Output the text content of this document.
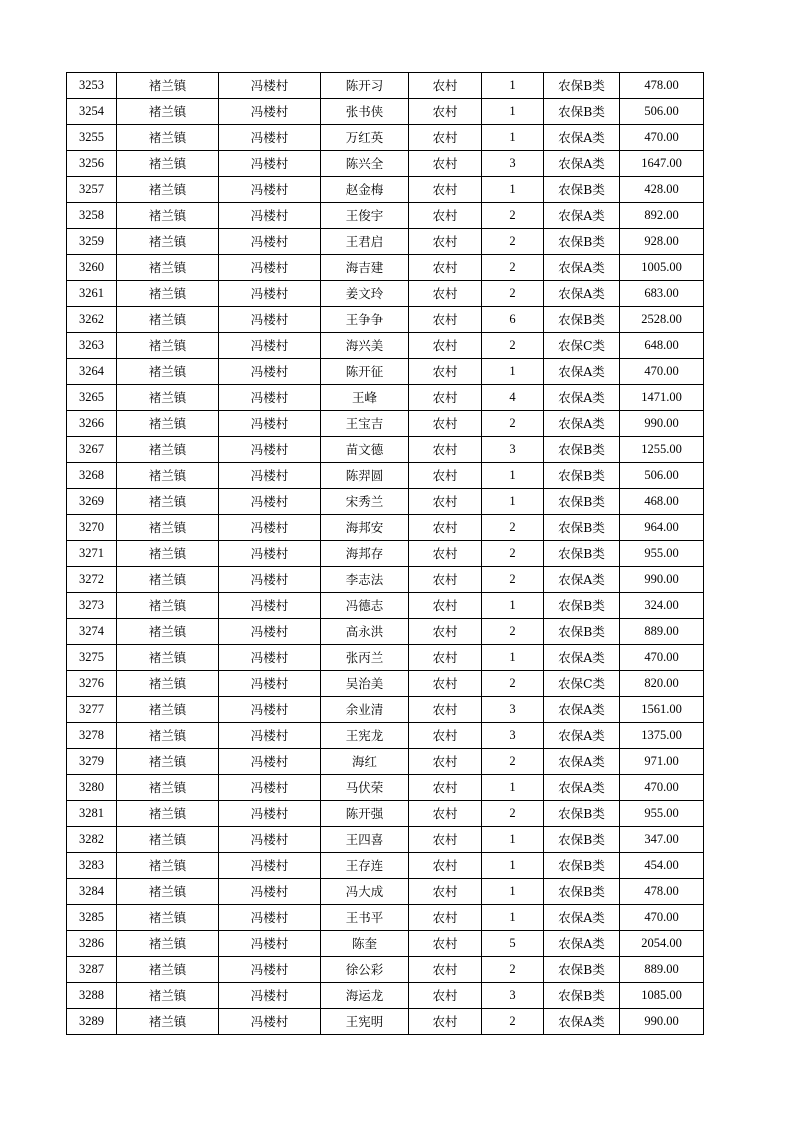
3253	褚兰镇	冯楼村	陈开习	农村	1	农保B类	478.00
3254	褚兰镇	冯楼村	张书侠	农村	1	农保B类	506.00
3255	褚兰镇	冯楼村	万红英	农村	1	农保A类	470.00
3256	褚兰镇	冯楼村	陈兴全	农村	3	农保A类	1647.00
3257	褚兰镇	冯楼村	赵金梅	农村	1	农保B类	428.00
3258	褚兰镇	冯楼村	王俊宇	农村	2	农保A类	892.00
3259	褚兰镇	冯楼村	王君启	农村	2	农保B类	928.00
3260	褚兰镇	冯楼村	海吉建	农村	2	农保A类	1005.00
3261	褚兰镇	冯楼村	姜文玲	农村	2	农保A类	683.00
3262	褚兰镇	冯楼村	王争争	农村	6	农保B类	2528.00
3263	褚兰镇	冯楼村	海兴美	农村	2	农保C类	648.00
3264	褚兰镇	冯楼村	陈开征	农村	1	农保A类	470.00
3265	褚兰镇	冯楼村	王峰	农村	4	农保A类	1471.00
3266	褚兰镇	冯楼村	王宝吉	农村	2	农保A类	990.00
3267	褚兰镇	冯楼村	苗文德	农村	3	农保B类	1255.00
3268	褚兰镇	冯楼村	陈羿圆	农村	1	农保B类	506.00
3269	褚兰镇	冯楼村	宋秀兰	农村	1	农保B类	468.00
3270	褚兰镇	冯楼村	海邦安	农村	2	农保B类	964.00
3271	褚兰镇	冯楼村	海邦存	农村	2	农保B类	955.00
3272	褚兰镇	冯楼村	李志法	农村	2	农保A类	990.00
3273	褚兰镇	冯楼村	冯德志	农村	1	农保B类	324.00
3274	褚兰镇	冯楼村	高永洪	农村	2	农保B类	889.00
3275	褚兰镇	冯楼村	张丙兰	农村	1	农保A类	470.00
3276	褚兰镇	冯楼村	吴治美	农村	2	农保C类	820.00
3277	褚兰镇	冯楼村	余业清	农村	3	农保A类	1561.00
3278	褚兰镇	冯楼村	王宪龙	农村	3	农保A类	1375.00
3279	褚兰镇	冯楼村	海红	农村	2	农保A类	971.00
3280	褚兰镇	冯楼村	马伏荣	农村	1	农保A类	470.00
3281	褚兰镇	冯楼村	陈开强	农村	2	农保B类	955.00
3282	褚兰镇	冯楼村	王四喜	农村	1	农保B类	347.00
3283	褚兰镇	冯楼村	王存连	农村	1	农保B类	454.00
3284	褚兰镇	冯楼村	冯大成	农村	1	农保B类	478.00
3285	褚兰镇	冯楼村	王书平	农村	1	农保A类	470.00
3286	褚兰镇	冯楼村	陈奎	农村	5	农保A类	2054.00
3287	褚兰镇	冯楼村	徐公彩	农村	2	农保B类	889.00
3288	褚兰镇	冯楼村	海运龙	农村	3	农保B类	1085.00
3289	褚兰镇	冯楼村	王宪明	农村	2	农保A类	990.00
